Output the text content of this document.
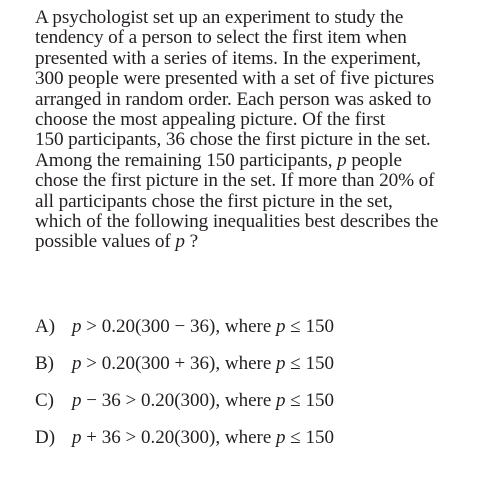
A psychologist set up an experiment to study the
tendency of a person to select the first item when
presented with a series of items. In the experiment,
300 people were presented with a set of five pictures
arranged in random order. Each person was asked to
choose the most appealing picture. Of the first
150 participants, 36 chose the first picture in the set.
Among the remaining 150 participants, p people
chose the first picture in the set. If more than 20% of
all participants chose the first picture in the set,
which of the following inequalities best describes the
possible values of p ?
A) p > 0.20(300 − 36), where p ≤ 150
B) p > 0.20(300 + 36), where p ≤ 150
C) p − 36 > 0.20(300), where p ≤ 150
D) p + 36 > 0.20(300), where p ≤ 150
